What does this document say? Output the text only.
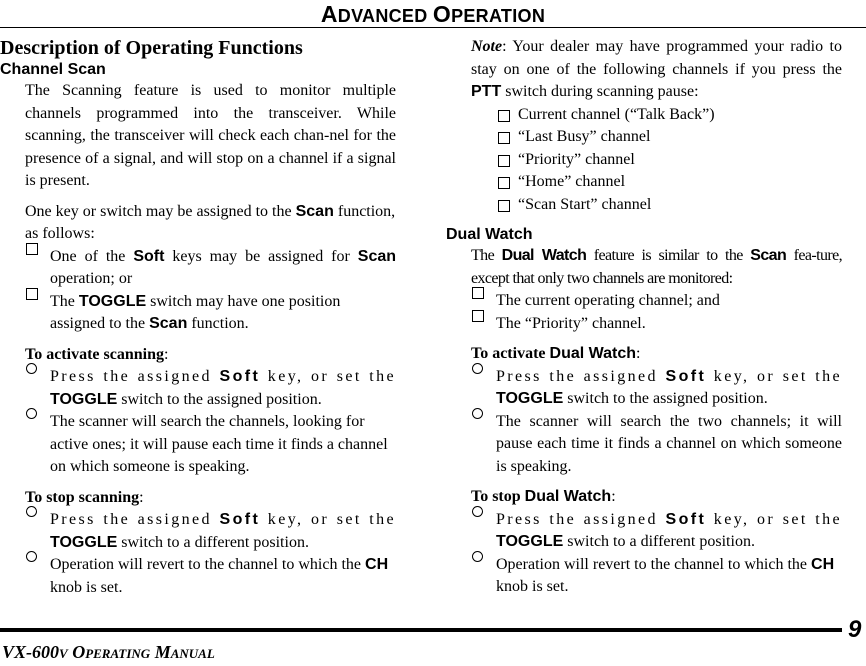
ADVANCED OPERATION
Description of Operating Functions
Channel Scan

The Scanning feature is used to monitor multiple channels programmed into the transceiver. While scanning, the transceiver will check each chan-nel for the presence of a signal, and will stop on a channel if a signal is present.

One key or switch may be assigned to the Scan function, as follows:

One of the Soft keys may be assigned for Scan operation; or
The TOGGLE switch may have one position assigned to the Scan function.

To activate scanning:

Press the assigned Soft key, or set the TOGGLE switch to the assigned position.
The scanner will search the channels, looking for active ones; it will pause each time it finds a channel on which someone is speaking.

To stop scanning:

Press the assigned Soft key, or set the TOGGLE switch to a different position.
Operation will revert to the channel to which the CH knob is set.

Note: Your dealer may have programmed your radio to stay on one of the following channels if you press the PTT switch during scanning pause:

Current channel (“Talk Back”)
“Last Busy” channel
“Priority” channel
“Home” channel
“Scan Start” channel
Dual Watch

The Dual Watch feature is similar to the Scan fea-ture, except that only two channels are monitored:

The current operating channel; and
The “Priority” channel.

To activate Dual Watch:

Press the assigned Soft key, or set the TOGGLE switch to the assigned position.
The scanner will search the two channels; it will pause each time it finds a channel on which someone is speaking.

To stop Dual Watch:

Press the assigned Soft key, or set the TOGGLE switch to a different position.
Operation will revert to the channel to which the CH knob is set.
VX-600V OPERATING MANUAL
9
